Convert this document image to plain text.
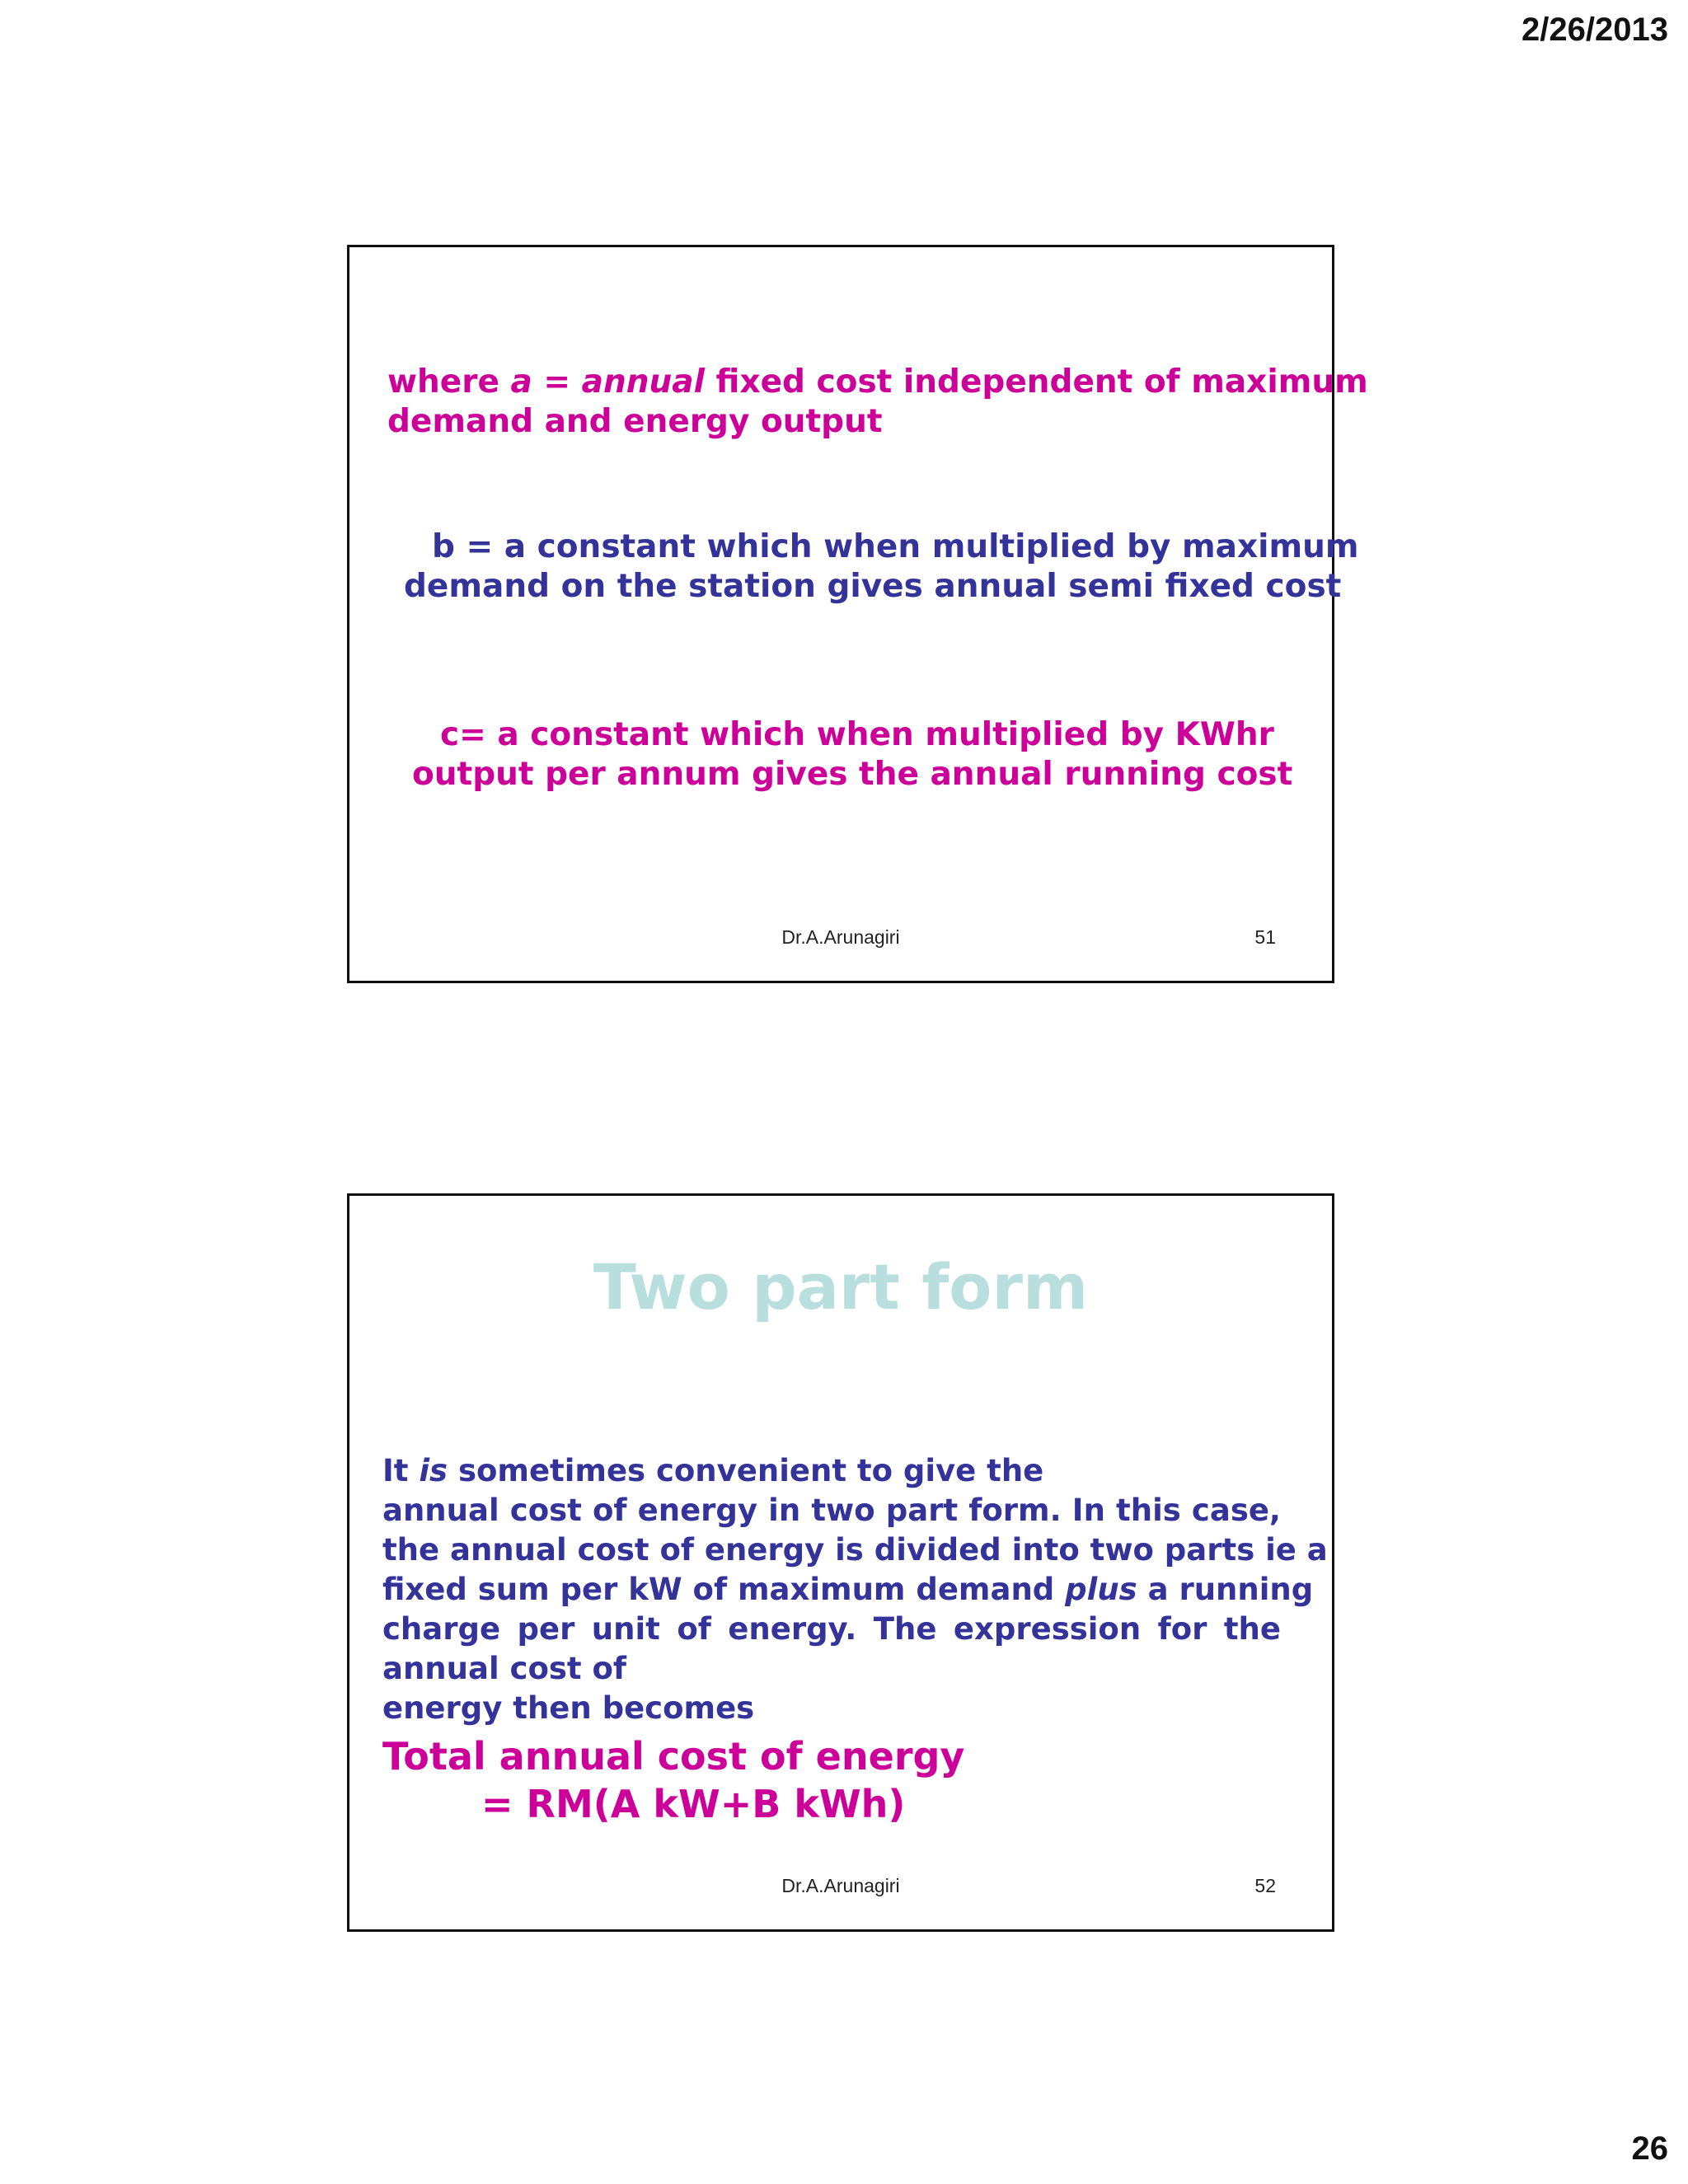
2/26/2013
where a = annual fixed cost independent of maximum
demand and energy output
b = a constant which when multiplied by maximum
demand on the station gives annual semi fixed cost
c= a constant which when multiplied by KWhr
output per annum gives the annual running cost
Dr.A.Arunagiri	51
Two part form
It is sometimes convenient to give the
annual cost of energy in two part form. In this case,
the annual cost of energy is divided into two parts ie a
fixed sum per kW of maximum demand plus a running
charge per unit of energy. The expression for the
annual cost of
energy then becomes
Total annual cost of energy
= RM(A kW+B kWh)
Dr.A.Arunagiri	52
26
